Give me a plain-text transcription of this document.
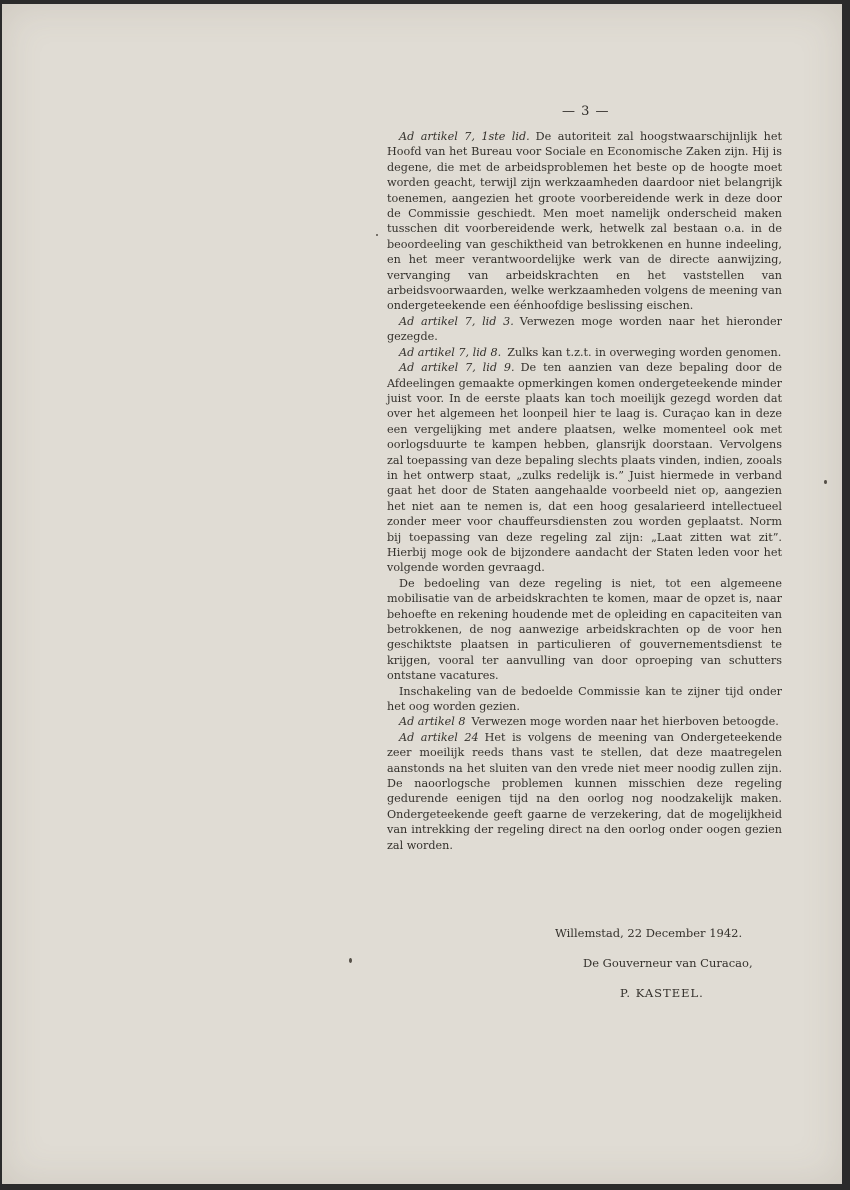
— 3 —

Ad artikel 7, 1ste lid. De autoriteit zal hoogstwaarschijnlijk het Hoofd van het Bureau voor Sociale en Economische Zaken zijn. Hij is degene, die met de arbeidsproblemen het beste op de hoogte moet worden geacht, terwijl zijn werkzaamheden daardoor niet belangrijk toenemen, aangezien het groote voorbereidende werk in deze door de Commissie geschiedt. Men moet namelijk onderscheid maken tusschen dit voorbereidende werk, hetwelk zal bestaan o.a. in de beoordeeling van geschiktheid van betrokkenen en hunne indeeling, en het meer verantwoordelijke werk van de directe aanwijzing, vervanging van arbeidskrachten en het vaststellen van arbeidsvoorwaarden, welke werkzaamheden volgens de meening van ondergeteekende een éénhoofdige beslissing eischen.

Ad artikel 7, lid 3. Verwezen moge worden naar het hieronder gezegde.

Ad artikel 7, lid 8. Zulks kan t.z.t. in overweging worden genomen.

Ad artikel 7, lid 9. De ten aanzien van deze bepaling door de Afdeelingen gemaakte opmerkingen komen ondergeteekende minder juist voor. In de eerste plaats kan toch moeilijk gezegd worden dat over het algemeen het loonpeil hier te laag is. Curaçao kan in deze een vergelijking met andere plaatsen, welke momenteel ook met oorlogsduurte te kampen hebben, glansrijk doorstaan. Vervolgens zal toepassing van deze bepaling slechts plaats vinden, indien, zooals in het ontwerp staat, „zulks redelijk is.” Juist hiermede in verband gaat het door de Staten aangehaalde voorbeeld niet op, aangezien het niet aan te nemen is, dat een hoog gesalarieerd intellectueel zonder meer voor chauffeursdiensten zou worden geplaatst. Norm bij toepassing van deze regeling zal zijn: „Laat zitten wat zit”. Hierbij moge ook de bijzondere aandacht der Staten leden voor het volgende worden gevraagd.

De bedoeling van deze regeling is niet, tot een algemeene mobilisatie van de arbeidskrachten te komen, maar de opzet is, naar behoefte en rekening houdende met de opleiding en capaciteiten van betrokkenen, de nog aanwezige arbeidskrachten op de voor hen geschiktste plaatsen in particulieren of gouvernementsdienst te krijgen, vooral ter aanvulling van door oproeping van schutters ontstane vacatures.

Inschakeling van de bedoelde Commissie kan te zijner tijd onder het oog worden gezien.

Ad artikel 8 Verwezen moge worden naar het hierboven betoogde.

Ad artikel 24 Het is volgens de meening van Ondergeteekende zeer moeilijk reeds thans vast te stellen, dat deze maatregelen aanstonds na het sluiten van den vrede niet meer noodig zullen zijn. De naoorlogsche problemen kunnen misschien deze regeling gedurende eenigen tijd na den oorlog nog noodzakelijk maken. Ondergeteekende geeft gaarne de verzekering, dat de mogelijkheid van intrekking der regeling direct na den oorlog onder oogen gezien zal worden.

Willemstad, 22 December 1942.
De Gouverneur van Curacao,
P. KASTEEL.
